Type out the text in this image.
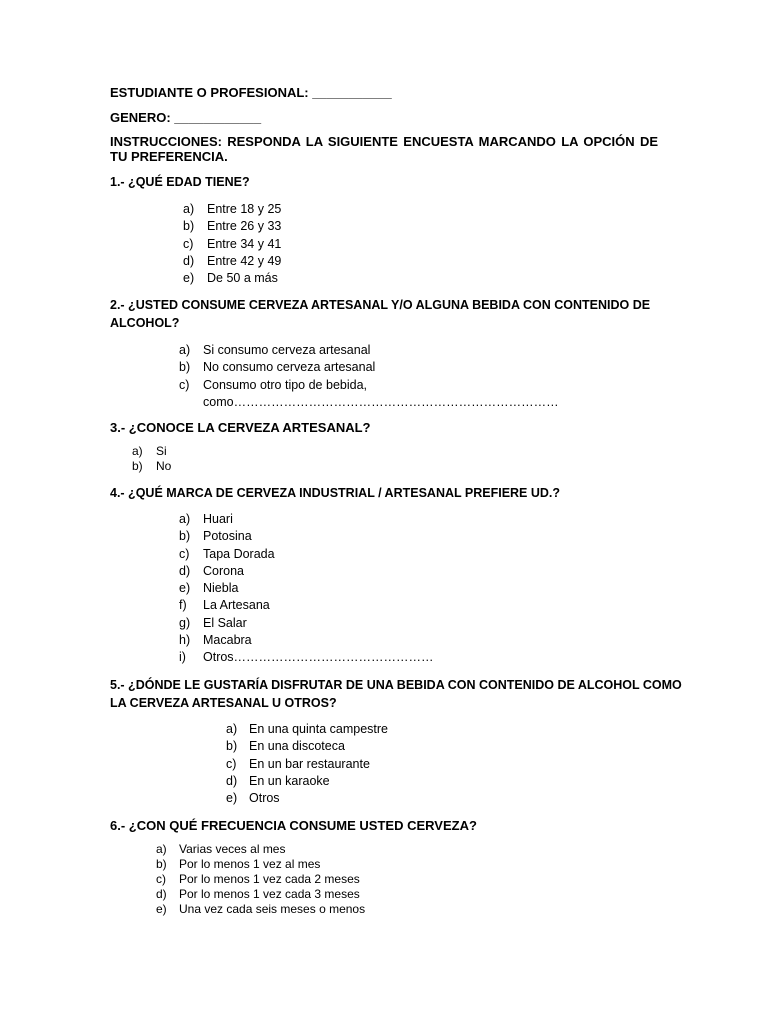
ESTUDIANTE O PROFESIONAL: ___________
GENERO: ____________
INSTRUCCIONES: RESPONDA LA SIGUIENTE ENCUESTA MARCANDO LA OPCIÓN DE TU PREFERENCIA.
1.- ¿QUÉ EDAD TIENE?
a) Entre 18 y 25
b) Entre 26 y 33
c) Entre 34 y 41
d) Entre 42 y 49
e) De 50 a más
2.- ¿USTED CONSUME CERVEZA ARTESANAL Y/O ALGUNA BEBIDA CON CONTENIDO DE
ALCOHOL?
a) Si consumo cerveza artesanal
b) No consumo cerveza artesanal
c) Consumo otro tipo de bebida,
como……………………………………………………………………
3.- ¿CONOCE LA CERVEZA ARTESANAL?
a) Si
b) No
4.- ¿QUÉ MARCA DE CERVEZA INDUSTRIAL / ARTESANAL PREFIERE UD.?
a) Huari
b) Potosina
c) Tapa Dorada
d) Corona
e) Niebla
f) La Artesana
g) El Salar
h) Macabra
i) Otros…………………………………………
5.- ¿DÓNDE LE GUSTARÍA DISFRUTAR DE UNA BEBIDA CON CONTENIDO DE ALCOHOL COMO
LA CERVEZA ARTESANAL U OTROS?
a) En una quinta campestre
b) En una discoteca
c) En un bar restaurante
d) En un karaoke
e) Otros
6.- ¿CON QUÉ FRECUENCIA CONSUME USTED CERVEZA?
a) Varias veces al mes
b) Por lo menos 1 vez al mes
c) Por lo menos 1 vez cada 2 meses
d) Por lo menos 1 vez cada 3 meses
e) Una vez cada seis meses o menos
